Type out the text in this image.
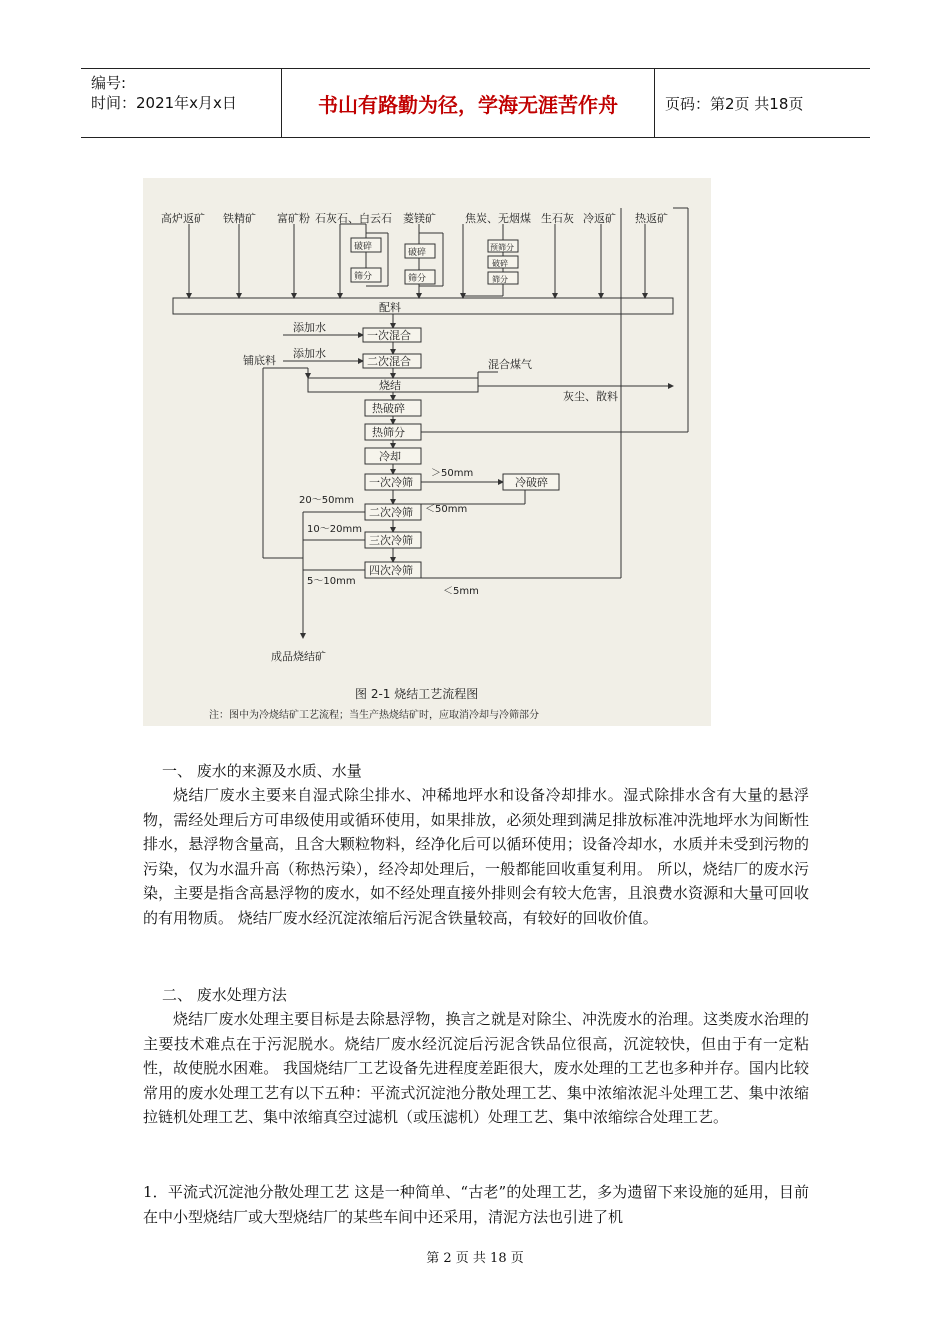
编号:
时间：2021年x月x日	书山有路勤为径，学海无涯苦作舟	页码：第2页 共18页
高炉返矿 铁精矿 富矿粉 石灰石、白云石 菱镁矿	焦炭、无烟煤 生石灰 冷返矿 热返矿
破碎
筛分
破碎
筛分
预筛分
破碎
筛分
配料
添加水
一次混合
铺底料
添加水
二次混合	混合煤气
烧结
灰尘、散料
热破碎
热筛分
冷却
一次冷筛
＞50mm
冷破碎
20～50mm
＜50mm
二次冷筛
10～20mm
三次冷筛
四次冷筛
5～10mm
＜5mm
成品烧结矿
图 2-1 烧结工艺流程图
注：图中为冷烧结矿工艺流程；当生产热烧结矿时，应取消冷却与冷筛部分
一、 废水的来源及水质、水量
烧结厂废水主要来自湿式除尘排水、冲稀地坪水和设备冷却排水。湿式除排水含有大量的悬浮物，需经处理后方可串级使用或循环使用，如果排放，必须处理到满足排放标准冲洗地坪水为间断性排水，悬浮物含量高，且含大颗粒物料，经净化后可以循环使用；设备冷却水，水质并未受到污物的污染，仅为水温升高（称热污染），经冷却处理后，一般都能回收重复利用。 所以，烧结厂的废水污染，主要是指含高悬浮物的废水，如不经处理直接外排则会有较大危害，且浪费水资源和大量可回收的有用物质。 烧结厂废水经沉淀浓缩后污泥含铁量较高，有较好的回收价值。
二、 废水处理方法
烧结厂废水处理主要目标是去除悬浮物，换言之就是对除尘、冲洗废水的治理。这类废水治理的主要技术难点在于污泥脱水。烧结厂废水经沉淀后污泥含铁品位很高，沉淀较快，但由于有一定粘性，故使脱水困难。 我国烧结厂工艺设备先进程度差距很大，废水处理的工艺也多种并存。国内比较常用的废水处理工艺有以下五种：平流式沉淀池分散处理工艺、集中浓缩浓泥斗处理工艺、集中浓缩拉链机处理工艺、集中浓缩真空过滤机（或压滤机）处理工艺、集中浓缩综合处理工艺。
1．平流式沉淀池分散处理工艺 这是一种简单、“古老”的处理工艺，多为遗留下来设施的延用，目前在中小型烧结厂或大型烧结厂的某些车间中还采用，清泥方法也引进了机
第 2 页 共 18 页
